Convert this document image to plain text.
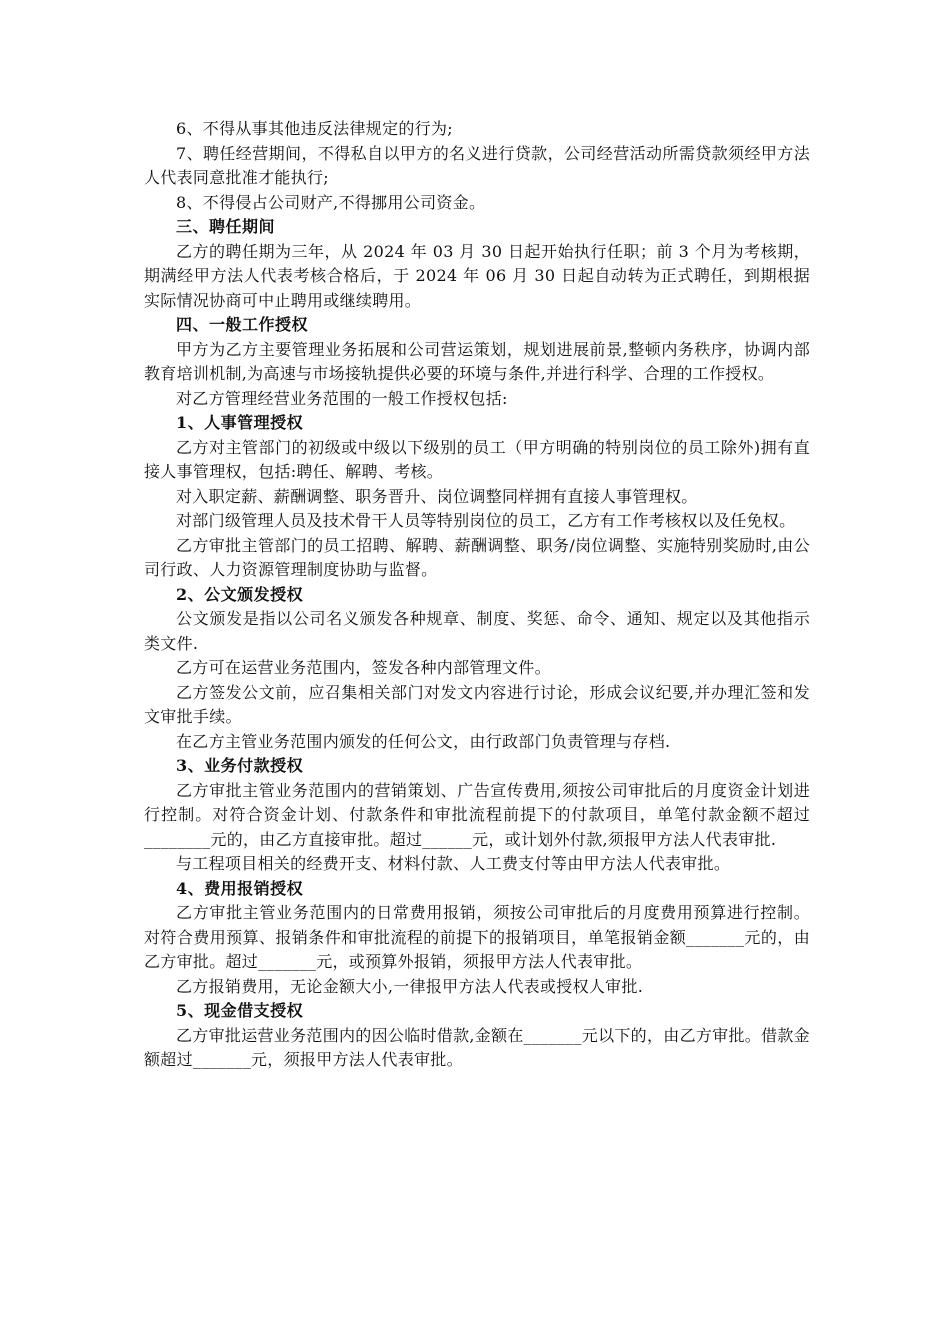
6、不得从事其他违反法律规定的行为;

7、聘任经营期间，不得私自以甲方的名义进行贷款，公司经营活动所需贷款须经甲方法人代表同意批准才能执行;

8、不得侵占公司财产,不得挪用公司资金。

三、聘任期间

乙方的聘任期为三年，从 2024 年 03 月 30 日起开始执行任职；前 3 个月为考核期，期满经甲方法人代表考核合格后，于 2024 年 06 月 30 日起自动转为正式聘任，到期根据实际情况协商可中止聘用或继续聘用。

四、一般工作授权

甲方为乙方主要管理业务拓展和公司营运策划，规划进展前景,整顿内务秩序，协调内部教育培训机制,为高速与市场接轨提供必要的环境与条件,并进行科学、合理的工作授权。

对乙方管理经营业务范围的一般工作授权包括:

1、人事管理授权

乙方对主管部门的初级或中级以下级别的员工（甲方明确的特别岗位的员工除外)拥有直接人事管理权，包括:聘任、解聘、考核。

对入职定薪、薪酬调整、职务晋升、岗位调整同样拥有直接人事管理权。

对部门级管理人员及技术骨干人员等特别岗位的员工，乙方有工作考核权以及任免权。

乙方审批主管部门的员工招聘、解聘、薪酬调整、职务/岗位调整、实施特别奖励时,由公司行政、人力资源管理制度协助与监督。

2、公文颁发授权

公文颁发是指以公司名义颁发各种规章、制度、奖惩、命令、通知、规定以及其他指示类文件.

乙方可在运营业务范围内，签发各种内部管理文件。

乙方签发公文前，应召集相关部门对发文内容进行讨论，形成会议纪要,并办理汇签和发文审批手续。

在乙方主管业务范围内颁发的任何公文，由行政部门负责管理与存档.

3、业务付款授权

乙方审批主管业务范围内的营销策划、广告宣传费用,须按公司审批后的月度资金计划进行控制。对符合资金计划、付款条件和审批流程前提下的付款项目，单笔付款金额不超过________元的，由乙方直接审批。超过______元，或计划外付款,须报甲方法人代表审批.

与工程项目相关的经费开支、材料付款、人工费支付等由甲方法人代表审批。

4、费用报销授权

乙方审批主管业务范围内的日常费用报销，须按公司审批后的月度费用预算进行控制。对符合费用预算、报销条件和审批流程的前提下的报销项目，单笔报销金额_______元的，由乙方审批。超过_______元，或预算外报销，须报甲方法人代表审批。

乙方报销费用，无论金额大小,一律报甲方法人代表或授权人审批.

5、现金借支授权

乙方审批运营业务范围内的因公临时借款,金额在_______元以下的，由乙方审批。借款金额超过_______元，须报甲方法人代表审批。
